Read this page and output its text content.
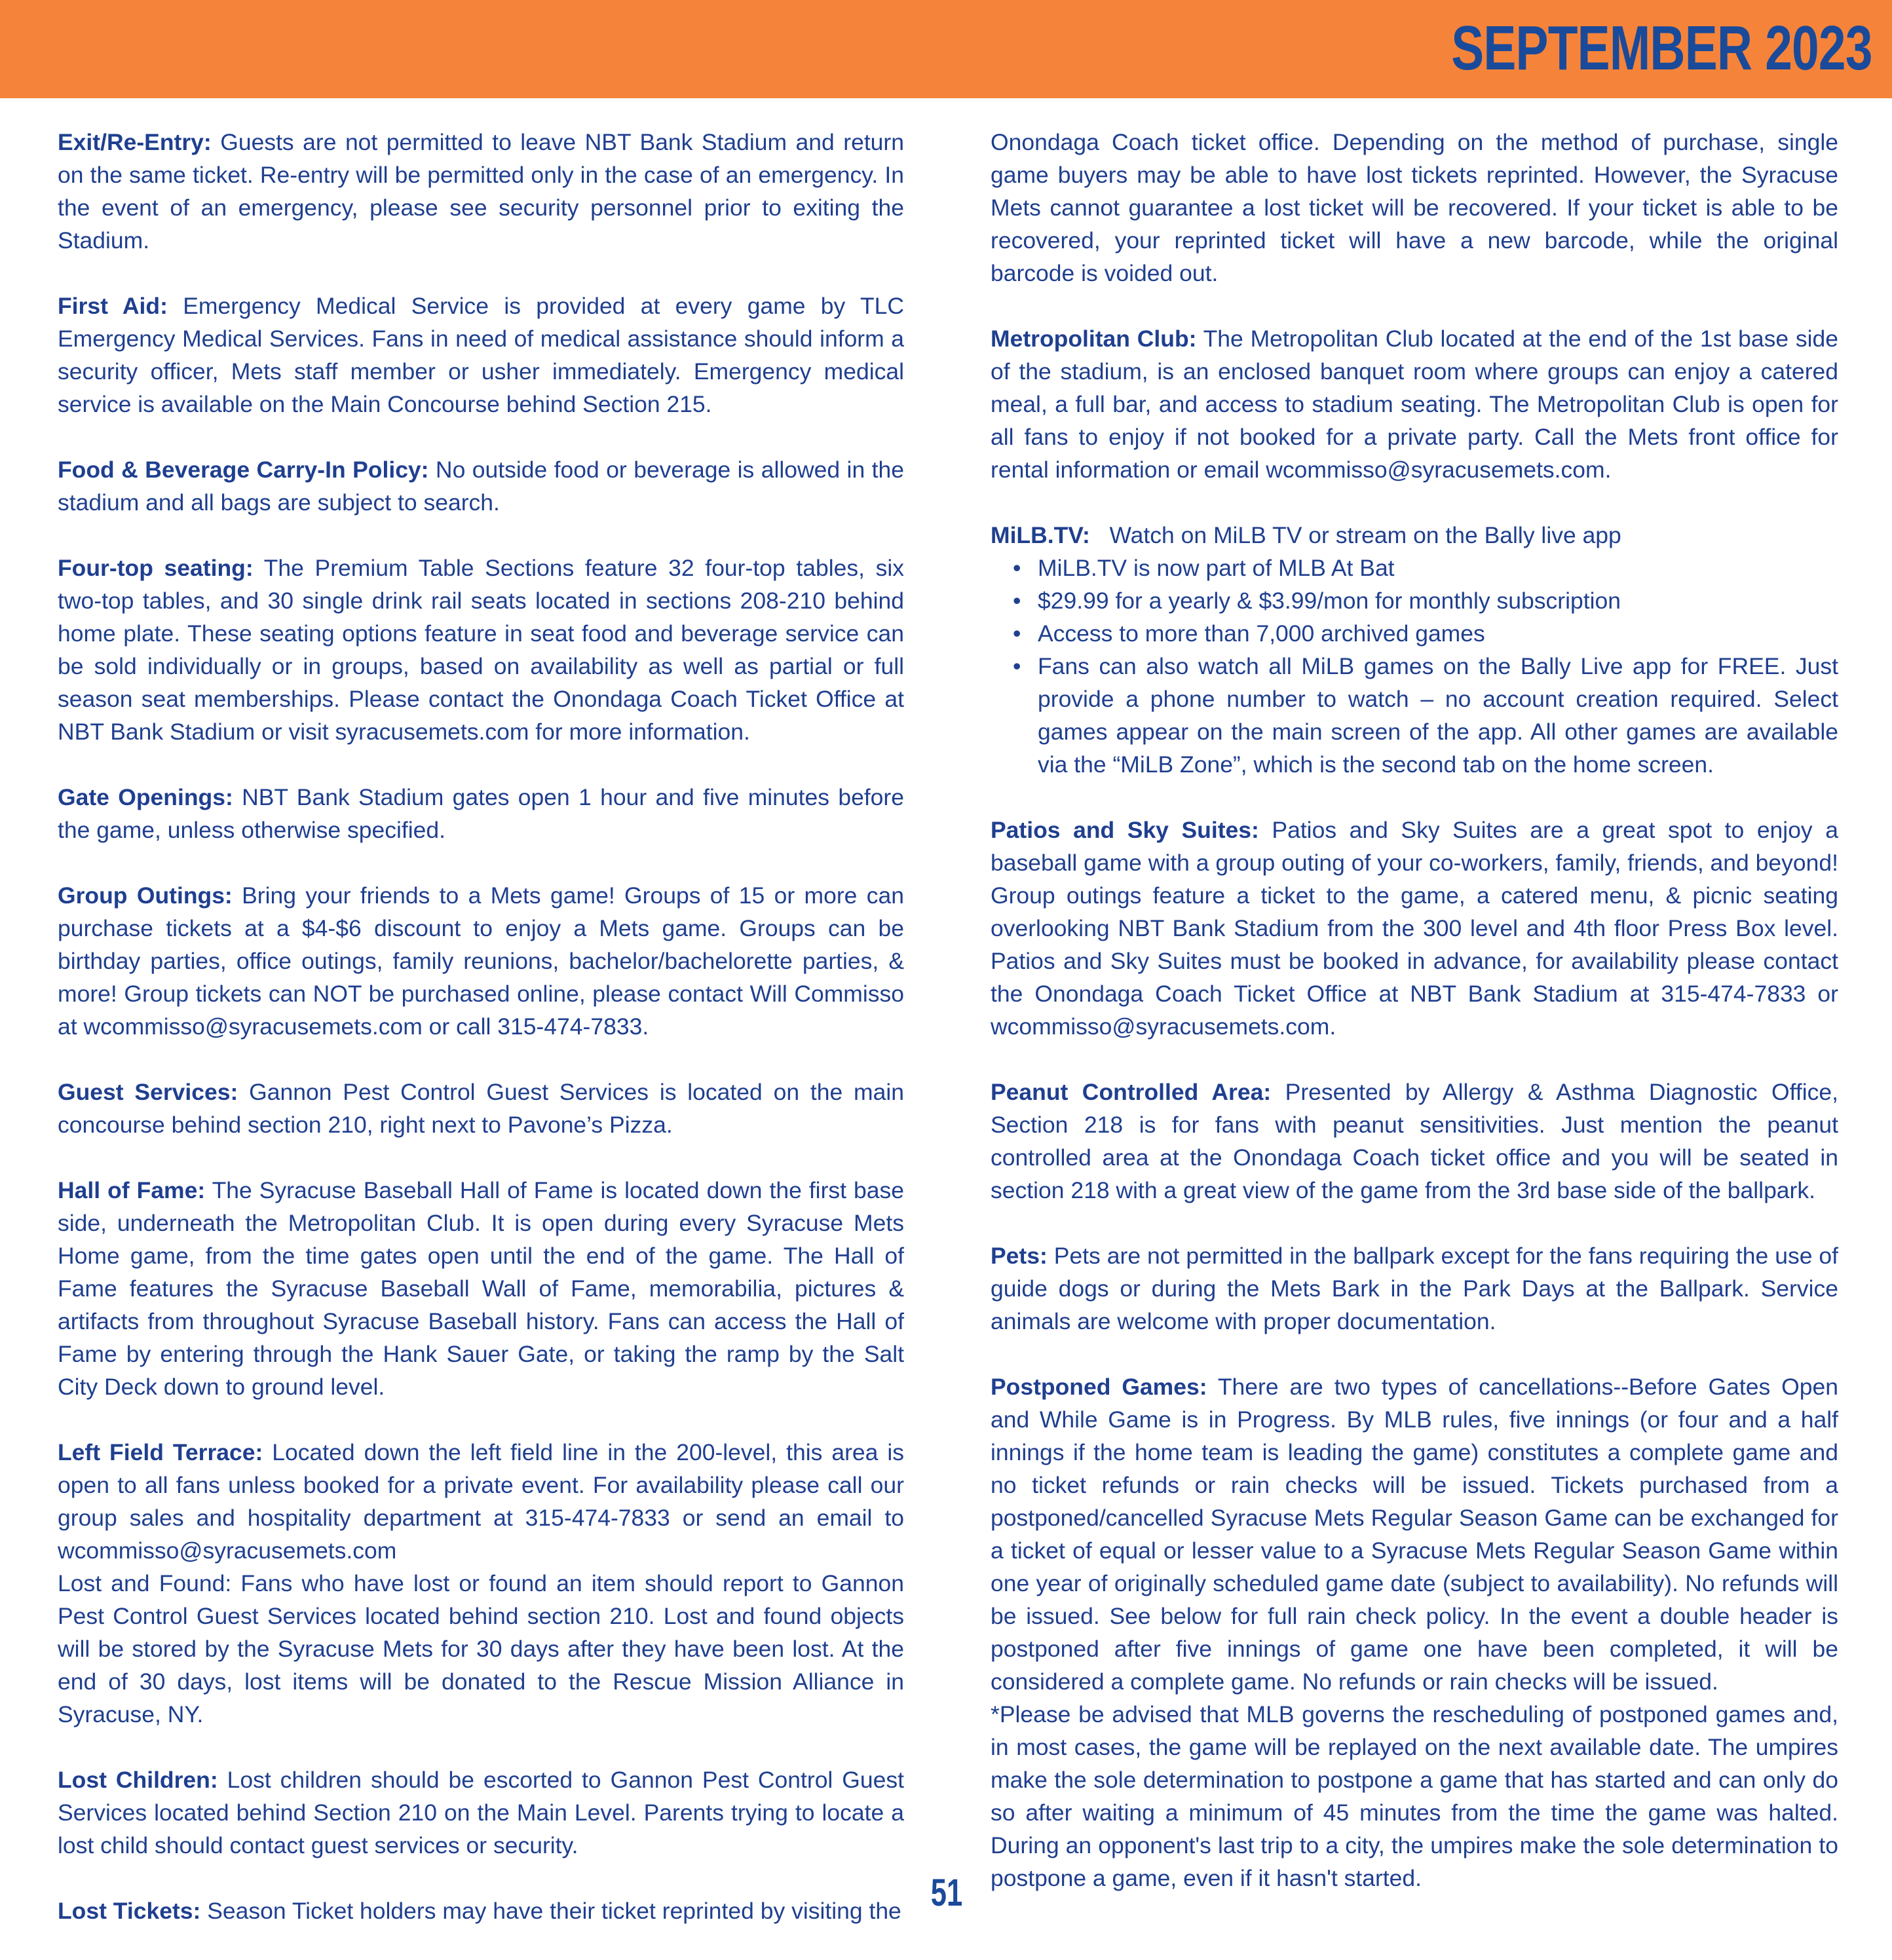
SEPTEMBER 2023

Exit/Re-Entry: Guests are not permitted to leave NBT Bank Stadium and return on the same ticket. Re-entry will be permitted only in the case of an emergency. In the event of an emergency, please see security personnel prior to exiting the Stadium.

First Aid: Emergency Medical Service is provided at every game by TLC Emergency Medical Services. Fans in need of medical assistance should inform a security officer, Mets staff member or usher immediately. Emergency medical service is available on the Main Concourse behind Section 215.

Food & Beverage Carry-In Policy: No outside food or beverage is allowed in the stadium and all bags are subject to search.

Four-top seating: The Premium Table Sections feature 32 four-top tables, six two-top tables, and 30 single drink rail seats located in sections 208-210 behind home plate. These seating options feature in seat food and beverage service can be sold individually or in groups, based on availability as well as partial or full season seat memberships. Please contact the Onondaga Coach Ticket Office at NBT Bank Stadium or visit syracusemets.com for more information.

Gate Openings: NBT Bank Stadium gates open 1 hour and five minutes before the game, unless otherwise specified.

Group Outings: Bring your friends to a Mets game! Groups of 15 or more can purchase tickets at a $4-$6 discount to enjoy a Mets game. Groups can be birthday parties, office outings, family reunions, bachelor/bachelorette parties, & more! Group tickets can NOT be purchased online, please contact Will Commisso at wcommisso@syracusemets.com or call 315-474-7833.

Guest Services: Gannon Pest Control Guest Services is located on the main concourse behind section 210, right next to Pavone’s Pizza.

Hall of Fame: The Syracuse Baseball Hall of Fame is located down the first base side, underneath the Metropolitan Club. It is open during every Syracuse Mets Home game, from the time gates open until the end of the game. The Hall of Fame features the Syracuse Baseball Wall of Fame, memorabilia, pictures & artifacts from throughout Syracuse Baseball history. Fans can access the Hall of Fame by entering through the Hank Sauer Gate, or taking the ramp by the Salt City Deck down to ground level.

Left Field Terrace: Located down the left field line in the 200-level, this area is open to all fans unless booked for a private event. For availability please call our group sales and hospitality department at 315-474-7833 or send an email to wcommisso@syracusemets.com

Lost and Found: Fans who have lost or found an item should report to Gannon Pest Control Guest Services located behind section 210. Lost and found objects will be stored by the Syracuse Mets for 30 days after they have been lost. At the end of 30 days, lost items will be donated to the Rescue Mission Alliance in Syracuse, NY.

Lost Children: Lost children should be escorted to Gannon Pest Control Guest Services located behind Section 210 on the Main Level. Parents trying to locate a lost child should contact guest services or security.

Lost Tickets: Season Ticket holders may have their ticket reprinted by visiting the

Onondaga Coach ticket office. Depending on the method of purchase, single game buyers may be able to have lost tickets reprinted. However, the Syracuse Mets cannot guarantee a lost ticket will be recovered. If your ticket is able to be recovered, your reprinted ticket will have a new barcode, while the original barcode is voided out.

Metropolitan Club: The Metropolitan Club located at the end of the 1st base side of the stadium, is an enclosed banquet room where groups can enjoy a catered meal, a full bar, and access to stadium seating. The Metropolitan Club is open for all fans to enjoy if not booked for a private party. Call the Mets front office for rental information or email wcommisso@syracusemets.com.

MiLB.TV:   Watch on MiLB TV or stream on the Bally live app

• MiLB.TV is now part of MLB At Bat
• $29.99 for a yearly & $3.99/mon for monthly subscription
• Access to more than 7,000 archived games
• Fans can also watch all MiLB games on the Bally Live app for FREE. Just provide a phone number to watch – no account creation required. Select games appear on the main screen of the app. All other games are available via the “MiLB Zone”, which is the second tab on the home screen.

Patios and Sky Suites: Patios and Sky Suites are a great spot to enjoy a baseball game with a group outing of your co-workers, family, friends, and beyond! Group outings feature a ticket to the game, a catered menu, & picnic seating overlooking NBT Bank Stadium from the 300 level and 4th floor Press Box level. Patios and Sky Suites must be booked in advance, for availability please contact the Onondaga Coach Ticket Office at NBT Bank Stadium at 315-474-7833 or wcommisso@syracusemets.com.

Peanut Controlled Area: Presented by Allergy & Asthma Diagnostic Office, Section 218 is for fans with peanut sensitivities. Just mention the peanut controlled area at the Onondaga Coach ticket office and you will be seated in section 218 with a great view of the game from the 3rd base side of the ballpark.

Pets: Pets are not permitted in the ballpark except for the fans requiring the use of guide dogs or during the Mets Bark in the Park Days at the Ballpark. Service animals are welcome with proper documentation.

Postponed Games: There are two types of cancellations--Before Gates Open and While Game is in Progress. By MLB rules, five innings (or four and a half innings if the home team is leading the game) constitutes a complete game and no ticket refunds or rain checks will be issued. Tickets purchased from a postponed/cancelled Syracuse Mets Regular Season Game can be exchanged for a ticket of equal or lesser value to a Syracuse Mets Regular Season Game within one year of originally scheduled game date (subject to availability). No refunds will be issued. See below for full rain check policy. In the event a double header is postponed after five innings of game one have been completed, it will be considered a complete game. No refunds or rain checks will be issued.

*Please be advised that MLB governs the rescheduling of postponed games and, in most cases, the game will be replayed on the next available date. The umpires make the sole determination to postpone a game that has started and can only do so after waiting a minimum of 45 minutes from the time the game was halted. During an opponent's last trip to a city, the umpires make the sole determination to postpone a game, even if it hasn't started.

51
